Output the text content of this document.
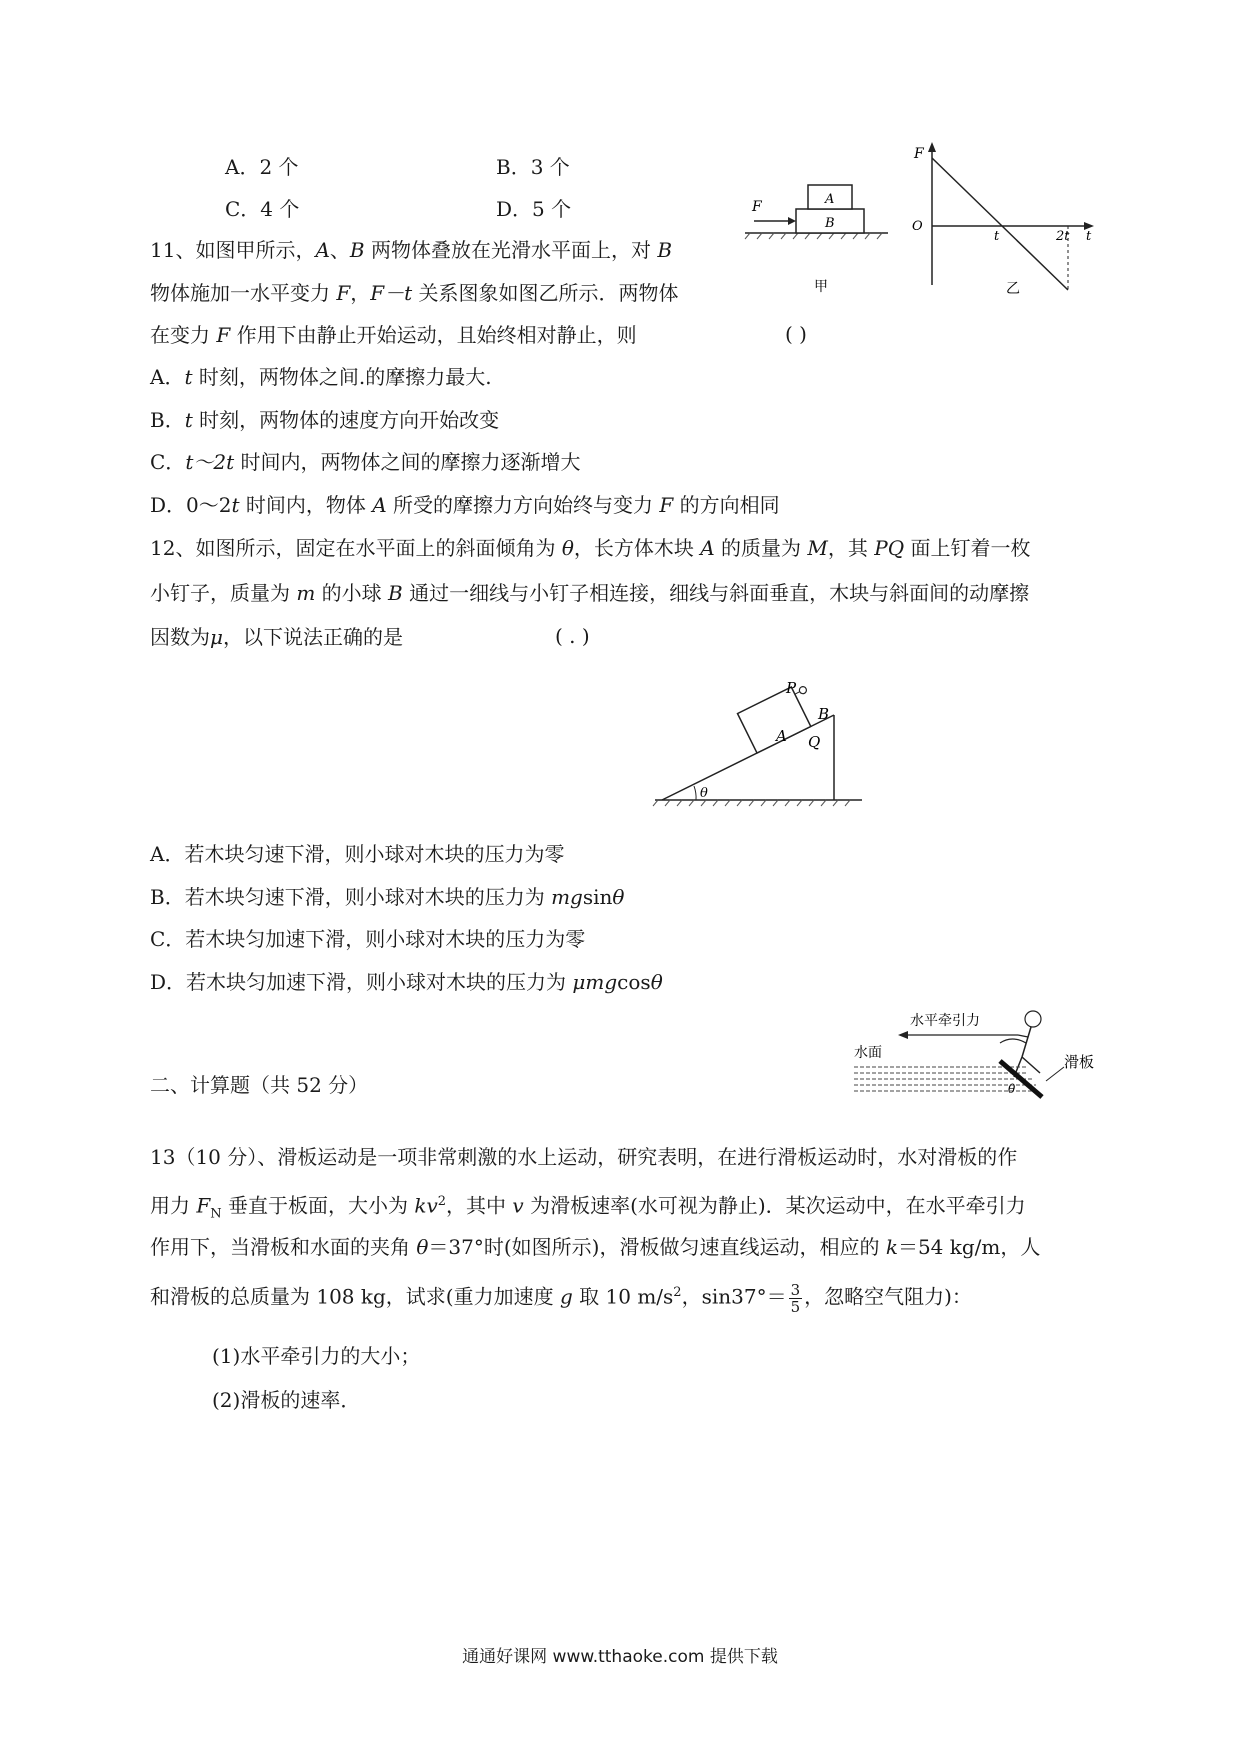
A．2 个	B．3 个
C．4 个	D．5 个	F	A
B
甲
F
O
t	2t t
乙
11、如图甲所示，A、B 两物体叠放在光滑水平面上，对 B
物体施加一水平变力 F，F－t 关系图象如图乙所示．两物体
在变力 F 作用下由静止开始运动，且始终相对静止，则	( )
A．t 时刻，两物体之间.的摩擦力最大.
B．t 时刻，两物体的速度方向开始改变
C．t～2t 时间内，两物体之间的摩擦力逐渐增大
D．0～2t 时间内，物体 A 所受的摩擦力方向始终与变力 F 的方向相同
12、如图所示，固定在水平面上的斜面倾角为 θ，长方体木块 A 的质量为 M，其 PQ 面上钉着一枚
小钉子，质量为 m 的小球 B 通过一细线与小钉子相连接，细线与斜面垂直，木块与斜面间的动摩擦
因数为μ，以下说法正确的是	( . )
P
A
B
Q
θ
A．若木块匀速下滑，则小球对木块的压力为零
B．若木块匀速下滑，则小球对木块的压力为 mgsinθ
C．若木块匀加速下滑，则小球对木块的压力为零
D．若木块匀加速下滑，则小球对木块的压力为 μmgcosθ
二、计算题（共 52 分）
水平牵引力
水面
θ
滑板
13（10 分）、滑板运动是一项非常刺激的水上运动，研究表明，在进行滑板运动时，水对滑板的作
用力 $F_N$ 垂直于板面，大小为 $kv^2$，其中 v 为滑板速率(水可视为静止)．某次运动中，在水平牵引力
作用下，当滑板和水面的夹角 θ＝37°时(如图所示)，滑板做匀速直线运动，相应的 k＝54 kg/m，人
和滑板的总质量为 108 kg，试求(重力加速度 g 取 10 $m/s^2$，$\sin 37^\circ= \frac{3}{5}$ ，忽略空气阻力)：
(1)水平牵引力的大小；
(2)滑板的速率．
通通好课网 www.tthaoke.com 提供下载
